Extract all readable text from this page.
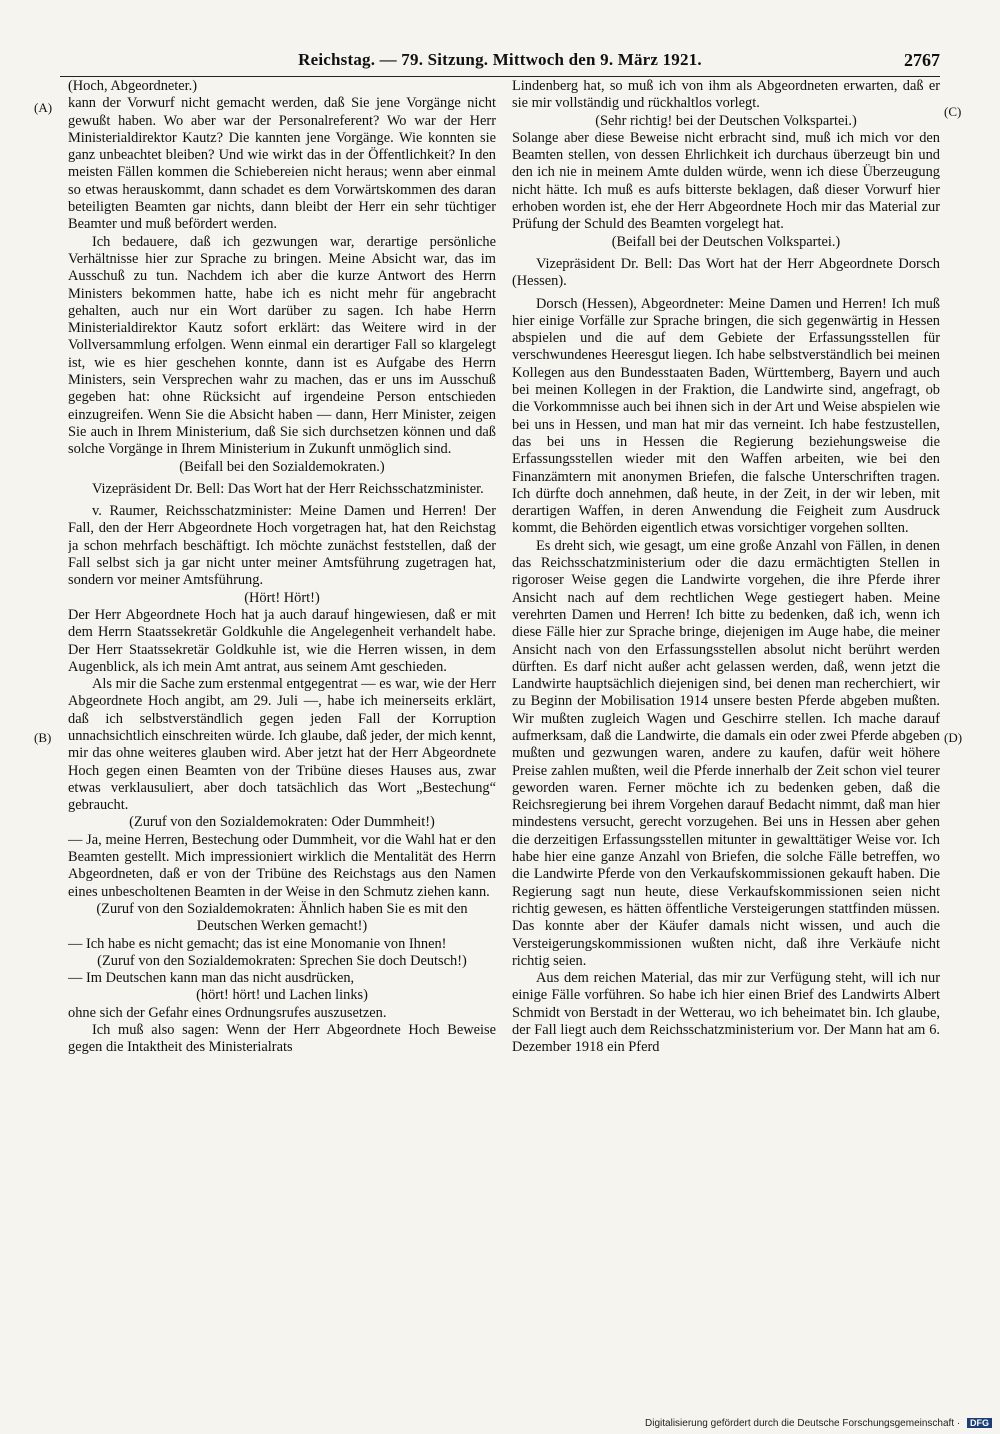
Reichstag. — 79. Sitzung. Mittwoch den 9. März 1921.	2767
(A)
(B)
(C)
(D)

(Hoch, Abgeordneter.)

kann der Vorwurf nicht gemacht werden, daß Sie jene Vorgänge nicht gewußt haben. Wo aber war der Personalreferent? Wo war der Herr Ministerialdirektor Kautz? Die kannten jene Vorgänge. Wie konnten sie ganz unbeachtet bleiben? Und wie wirkt das in der Öffentlichkeit? In den meisten Fällen kommen die Schiebereien nicht heraus; wenn aber einmal so etwas herauskommt, dann schadet es dem Vorwärtskommen des daran beteiligten Beamten gar nichts, dann bleibt der Herr ein sehr tüchtiger Beamter und muß befördert werden.

Ich bedauere, daß ich gezwungen war, derartige persönliche Verhältnisse hier zur Sprache zu bringen. Meine Absicht war, das im Ausschuß zu tun. Nachdem ich aber die kurze Antwort des Herrn Ministers bekommen hatte, habe ich es nicht mehr für angebracht gehalten, auch nur ein Wort darüber zu sagen. Ich habe Herrn Ministerialdirektor Kautz sofort erklärt: das Weitere wird in der Vollversammlung erfolgen. Wenn einmal ein derartiger Fall so klargelegt ist, wie es hier geschehen konnte, dann ist es Aufgabe des Herrn Ministers, sein Versprechen wahr zu machen, das er uns im Ausschuß gegeben hat: ohne Rücksicht auf irgendeine Person entschieden einzugreifen. Wenn Sie die Absicht haben — dann, Herr Minister, zeigen Sie auch in Ihrem Ministerium, daß Sie sich durchsetzen können und daß solche Vorgänge in Ihrem Ministerium in Zukunft unmöglich sind.

(Beifall bei den Sozialdemokraten.)

Vizepräsident Dr. Bell: Das Wort hat der Herr Reichsschatzminister.

v. Raumer, Reichsschatzminister: Meine Damen und Herren! Der Fall, den der Herr Abgeordnete Hoch vorgetragen hat, hat den Reichstag ja schon mehrfach beschäftigt. Ich möchte zunächst feststellen, daß der Fall selbst sich ja gar nicht unter meiner Amtsführung zugetragen hat, sondern vor meiner Amtsführung.

(Hört! Hört!)

Der Herr Abgeordnete Hoch hat ja auch darauf hingewiesen, daß er mit dem Herrn Staatssekretär Goldkuhle die Angelegenheit verhandelt habe. Der Herr Staatssekretär Goldkuhle ist, wie die Herren wissen, in dem Augenblick, als ich mein Amt antrat, aus seinem Amt geschieden.

Als mir die Sache zum erstenmal entgegentrat — es war, wie der Herr Abgeordnete Hoch angibt, am 29. Juli —, habe ich meinerseits erklärt, daß ich selbstverständlich gegen jeden Fall der Korruption unnachsichtlich einschreiten würde. Ich glaube, daß jeder, der mich kennt, mir das ohne weiteres glauben wird. Aber jetzt hat der Herr Abgeordnete Hoch gegen einen Beamten von der Tribüne dieses Hauses aus, zwar etwas verklausuliert, aber doch tatsächlich das Wort „Bestechung“ gebraucht.

(Zuruf von den Sozialdemokraten: Oder Dummheit!)

— Ja, meine Herren, Bestechung oder Dummheit, vor die Wahl hat er den Beamten gestellt. Mich impressioniert wirklich die Mentalität des Herrn Abgeordneten, daß er von der Tribüne des Reichstags aus den Namen eines unbescholtenen Beamten in der Weise in den Schmutz ziehen kann.

(Zuruf von den Sozialdemokraten: Ähnlich haben Sie es mit den Deutschen Werken gemacht!)

— Ich habe es nicht gemacht; das ist eine Monomanie von Ihnen!

(Zuruf von den Sozialdemokraten: Sprechen Sie doch Deutsch!)

— Im Deutschen kann man das nicht ausdrücken,

(hört! hört! und Lachen links)

ohne sich der Gefahr eines Ordnungsrufes auszusetzen.

Ich muß also sagen: Wenn der Herr Abgeordnete Hoch Beweise gegen die Intaktheit des Ministerialrats

Lindenberg hat, so muß ich von ihm als Abgeordneten erwarten, daß er sie mir vollständig und rückhaltlos vorlegt.

(Sehr richtig! bei der Deutschen Volkspartei.)

Solange aber diese Beweise nicht erbracht sind, muß ich mich vor den Beamten stellen, von dessen Ehrlichkeit ich durchaus überzeugt bin und den ich nie in meinem Amte dulden würde, wenn ich diese Überzeugung nicht hätte. Ich muß es aufs bitterste beklagen, daß dieser Vorwurf hier erhoben worden ist, ehe der Herr Abgeordnete Hoch mir das Material zur Prüfung der Schuld des Beamten vorgelegt hat.

(Beifall bei der Deutschen Volkspartei.)

Vizepräsident Dr. Bell: Das Wort hat der Herr Abgeordnete Dorsch (Hessen).

Dorsch (Hessen), Abgeordneter: Meine Damen und Herren! Ich muß hier einige Vorfälle zur Sprache bringen, die sich gegenwärtig in Hessen abspielen und die auf dem Gebiete der Erfassungsstellen für verschwundenes Heeresgut liegen. Ich habe selbstverständlich bei meinen Kollegen aus den Bundesstaaten Baden, Württemberg, Bayern und auch bei meinen Kollegen in der Fraktion, die Landwirte sind, angefragt, ob die Vorkommnisse auch bei ihnen sich in der Art und Weise abspielen wie bei uns in Hessen, und man hat mir das verneint. Ich habe festzustellen, das bei uns in Hessen die Regierung beziehungsweise die Erfassungsstellen wieder mit den Waffen arbeiten, wie bei den Finanzämtern mit anonymen Briefen, die falsche Unterschriften tragen. Ich dürfte doch annehmen, daß heute, in der Zeit, in der wir leben, mit derartigen Waffen, in deren Anwendung die Feigheit zum Ausdruck kommt, die Behörden eigentlich etwas vorsichtiger vorgehen sollten.

Es dreht sich, wie gesagt, um eine große Anzahl von Fällen, in denen das Reichsschatzministerium oder die dazu ermächtigten Stellen in rigoroser Weise gegen die Landwirte vorgehen, die ihre Pferde ihrer Ansicht nach auf dem rechtlichen Wege gestiegert haben. Meine verehrten Damen und Herren! Ich bitte zu bedenken, daß ich, wenn ich diese Fälle hier zur Sprache bringe, diejenigen im Auge habe, die meiner Ansicht nach von den Erfassungsstellen absolut nicht berührt werden dürften. Es darf nicht außer acht gelassen werden, daß, wenn jetzt die Landwirte hauptsächlich diejenigen sind, bei denen man recherchiert, wir zu Beginn der Mobilisation 1914 unsere besten Pferde abgeben mußten. Wir mußten zugleich Wagen und Geschirre stellen. Ich mache darauf aufmerksam, daß die Landwirte, die damals ein oder zwei Pferde abgeben mußten und gezwungen waren, andere zu kaufen, dafür weit höhere Preise zahlen mußten, weil die Pferde innerhalb der Zeit schon viel teurer geworden waren. Ferner möchte ich zu bedenken geben, daß die Reichsregierung bei ihrem Vorgehen darauf Bedacht nimmt, daß man hier mindestens versucht, gerecht vorzugehen. Bei uns in Hessen aber gehen die derzeitigen Erfassungsstellen mitunter in gewalttätiger Weise vor. Ich habe hier eine ganze Anzahl von Briefen, die solche Fälle betreffen, wo die Landwirte Pferde von den Verkaufskommissionen gekauft haben. Die Regierung sagt nun heute, diese Verkaufskommissionen seien nicht richtig gewesen, es hätten öffentliche Versteigerungen stattfinden müssen. Das konnte aber der Käufer damals nicht wissen, und auch die Versteigerungskommissionen wußten nicht, daß ihre Verkäufe nicht richtig seien.

Aus dem reichen Material, das mir zur Verfügung steht, will ich nur einige Fälle vorführen. So habe ich hier einen Brief des Landwirts Albert Schmidt von Berstadt in der Wetterau, wo ich beheimatet bin. Ich glaube, der Fall liegt auch dem Reichsschatzministerium vor. Der Mann hat am 6. Dezember 1918 ein Pferd

Digitalisierung gefördert durch die Deutsche Forschungsgemeinschaft · DFG
